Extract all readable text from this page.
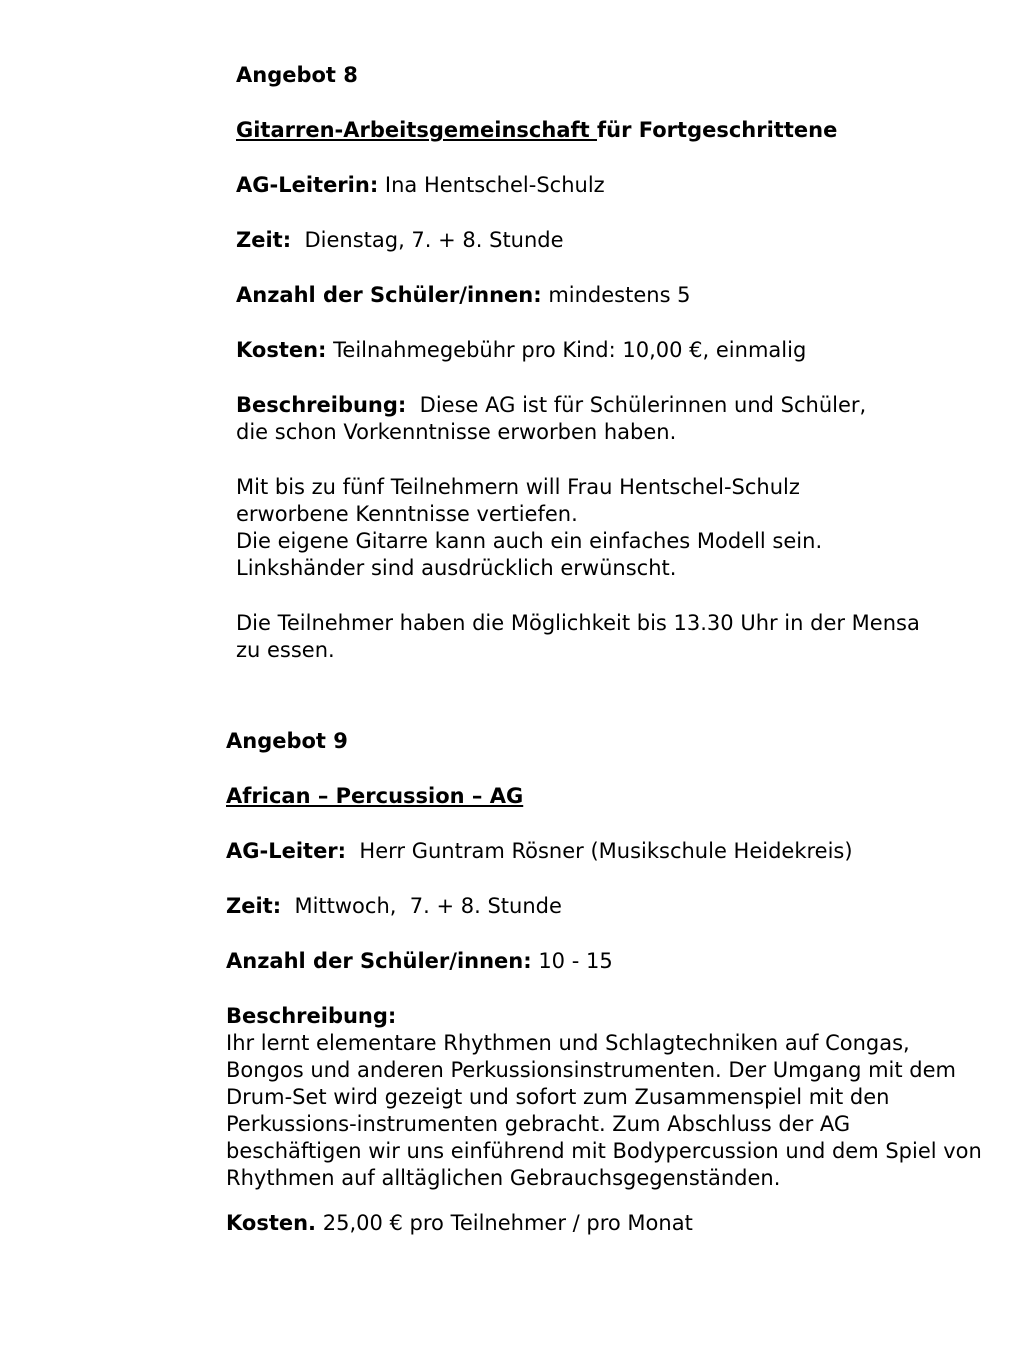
Angebot 8

Gitarren-Arbeitsgemeinschaft für Fortgeschrittene

AG-Leiterin: Ina Hentschel-Schulz

Zeit:  Dienstag, 7. + 8. Stunde

Anzahl der Schüler/innen: mindestens 5

Kosten: Teilnahmegebühr pro Kind: 10,00 €, einmalig

Beschreibung:  Diese AG ist für Schülerinnen und Schüler,

die schon Vorkenntnisse erworben haben.

Mit bis zu fünf Teilnehmern will Frau Hentschel-Schulz

erworbene Kenntnisse vertiefen.

Die eigene Gitarre kann auch ein einfaches Modell sein.

Linkshänder sind ausdrücklich erwünscht.

Die Teilnehmer haben die Möglichkeit bis 13.30 Uhr in der Mensa

zu essen.

Angebot 9

African – Percussion – AG

AG-Leiter:  Herr Guntram Rösner (Musikschule Heidekreis)

Zeit:  Mittwoch,  7. + 8. Stunde

Anzahl der Schüler/innen: 10 - 15

Beschreibung:

Ihr lernt elementare Rhythmen und Schlagtechniken auf Congas,

Bongos und anderen Perkussionsinstrumenten. Der Umgang mit dem

Drum-Set wird gezeigt und sofort zum Zusammenspiel mit den

Perkussions-instrumenten gebracht. Zum Abschluss der AG

beschäftigen wir uns einführend mit Bodypercussion und dem Spiel von

Rhythmen auf alltäglichen Gebrauchsgegenständen.

Kosten. 25,00 € pro Teilnehmer / pro Monat
